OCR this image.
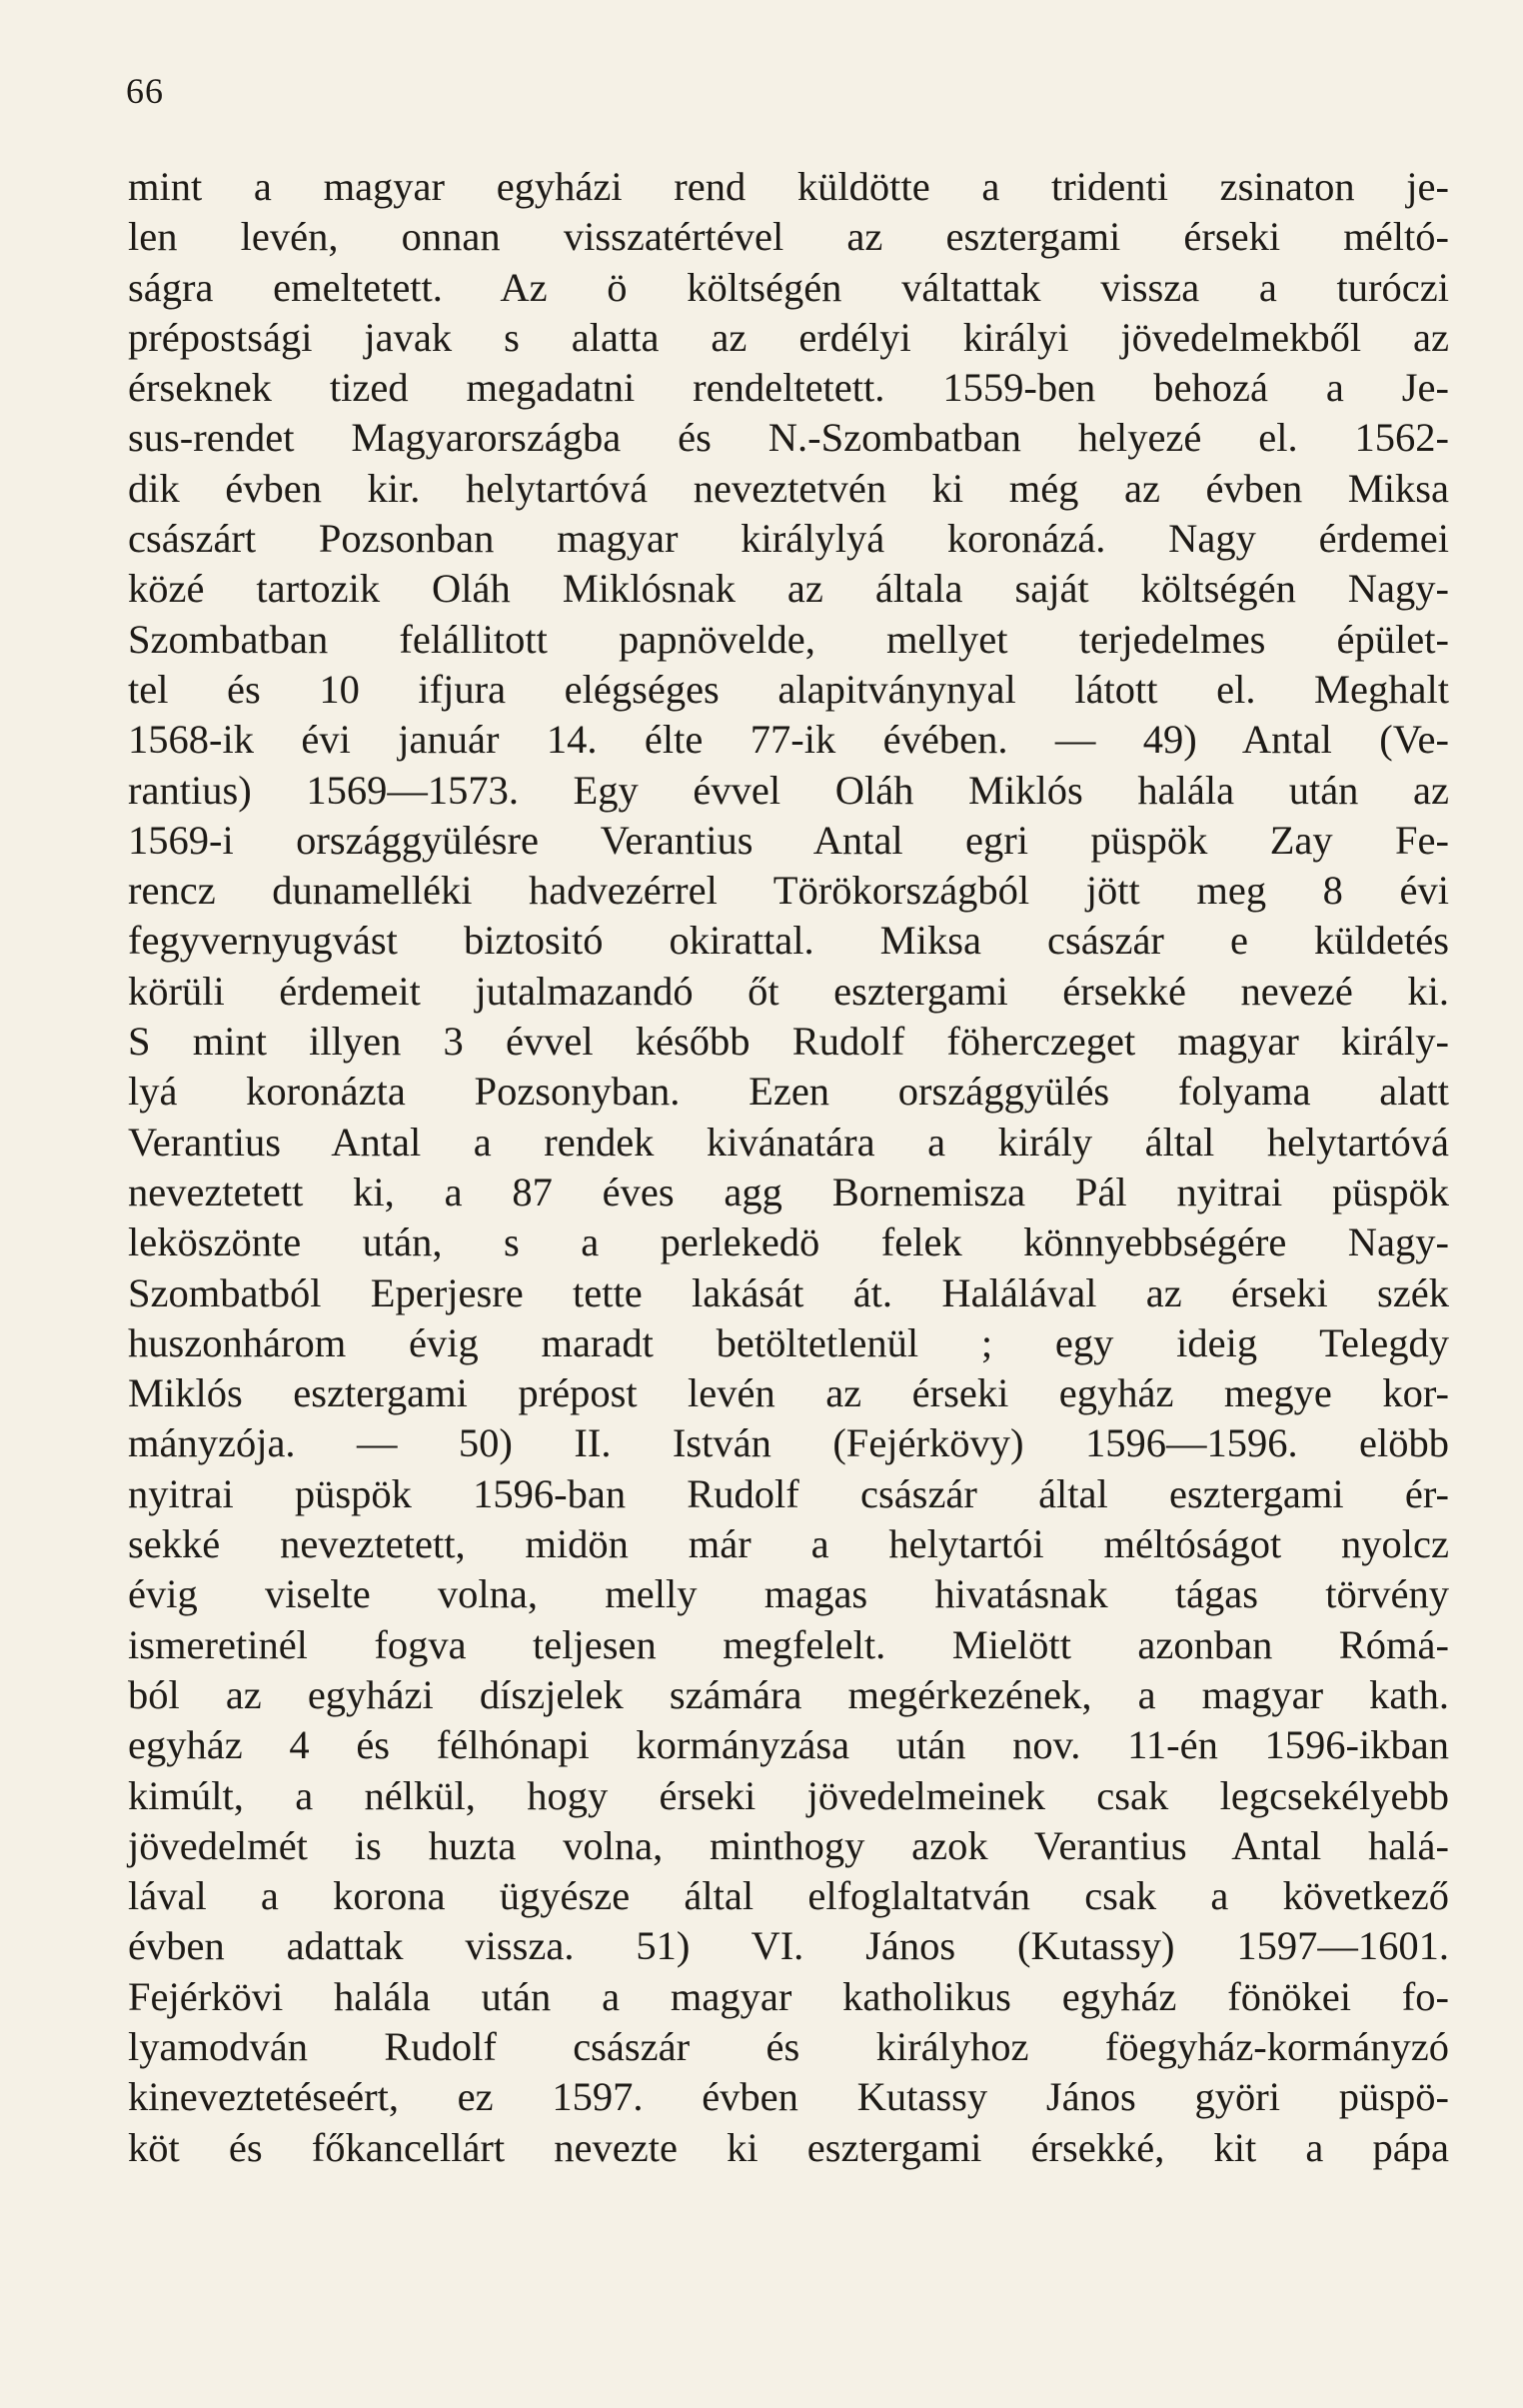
66
mint a magyar egyházi rend küldötte a tridenti zsinaton je-
len levén, onnan visszatértével az esztergami érseki méltó-
ságra emeltetett. Az ö költségén váltattak vissza a turóczi
prépostsági javak s alatta az erdélyi királyi jövedelmekből az
érseknek tized megadatni rendeltetett. 1559-ben behozá a Je-
sus-rendet Magyarországba és N.-Szombatban helyezé el. 1562-
dik évben kir. helytartóvá neveztetvén ki még az évben Miksa
császárt Pozsonban magyar királylyá koronázá. Nagy érdemei
közé tartozik Oláh Miklósnak az általa saját költségén Nagy-
Szombatban felállitott papnövelde, mellyet terjedelmes épület-
tel és 10 ifjura elégséges alapitványnyal látott el. Meghalt
1568-ik évi január 14. élte 77-ik évében. — 49) Antal (Ve-
rantius) 1569—1573. Egy évvel Oláh Miklós halála után az
1569-i országgyülésre Verantius Antal egri püspök Zay Fe-
rencz dunamelléki hadvezérrel Törökországból jött meg 8 évi
fegyvernyugvást biztositó okirattal. Miksa császár e küldetés
körüli érdemeit jutalmazandó őt esztergami érsekké nevezé ki.
S mint illyen 3 évvel később Rudolf föherczeget magyar király-
lyá koronázta Pozsonyban. Ezen országgyülés folyama alatt
Verantius Antal a rendek kivánatára a király által helytartóvá
neveztetett ki, a 87 éves agg Bornemisza Pál nyitrai püspök
leköszönte után, s a perlekedö felek könnyebbségére Nagy-
Szombatból Eperjesre tette lakását át. Halálával az érseki szék
huszonhárom évig maradt betöltetlenül ; egy ideig Telegdy
Miklós esztergami prépost levén az érseki egyház megye kor-
mányzója. — 50) II. István (Fejérkövy) 1596—1596. elöbb
nyitrai püspök 1596-ban Rudolf császár által esztergami ér-
sekké neveztetett, midön már a helytartói méltóságot nyolcz
évig viselte volna, melly magas hivatásnak tágas törvény
ismeretinél fogva teljesen megfelelt. Mielött azonban Rómá-
ból az egyházi díszjelek számára megérkezének, a magyar kath.
egyház 4 és félhónapi kormányzása után nov. 11-én 1596-ikban
kimúlt, a nélkül, hogy érseki jövedelmeinek csak legcsekélyebb
jövedelmét is huzta volna, minthogy azok Verantius Antal halá-
lával a korona ügyésze által elfoglaltatván csak a következő
évben adattak vissza. 51) VI. János (Kutassy) 1597—1601.
Fejérkövi halála után a magyar katholikus egyház fönökei fo-
lyamodván Rudolf császár és királyhoz föegyház-kormányzó
kineveztetéseért, ez 1597. évben Kutassy János györi püspö-
köt és főkancellárt nevezte ki esztergami érsekké, kit a pápa
